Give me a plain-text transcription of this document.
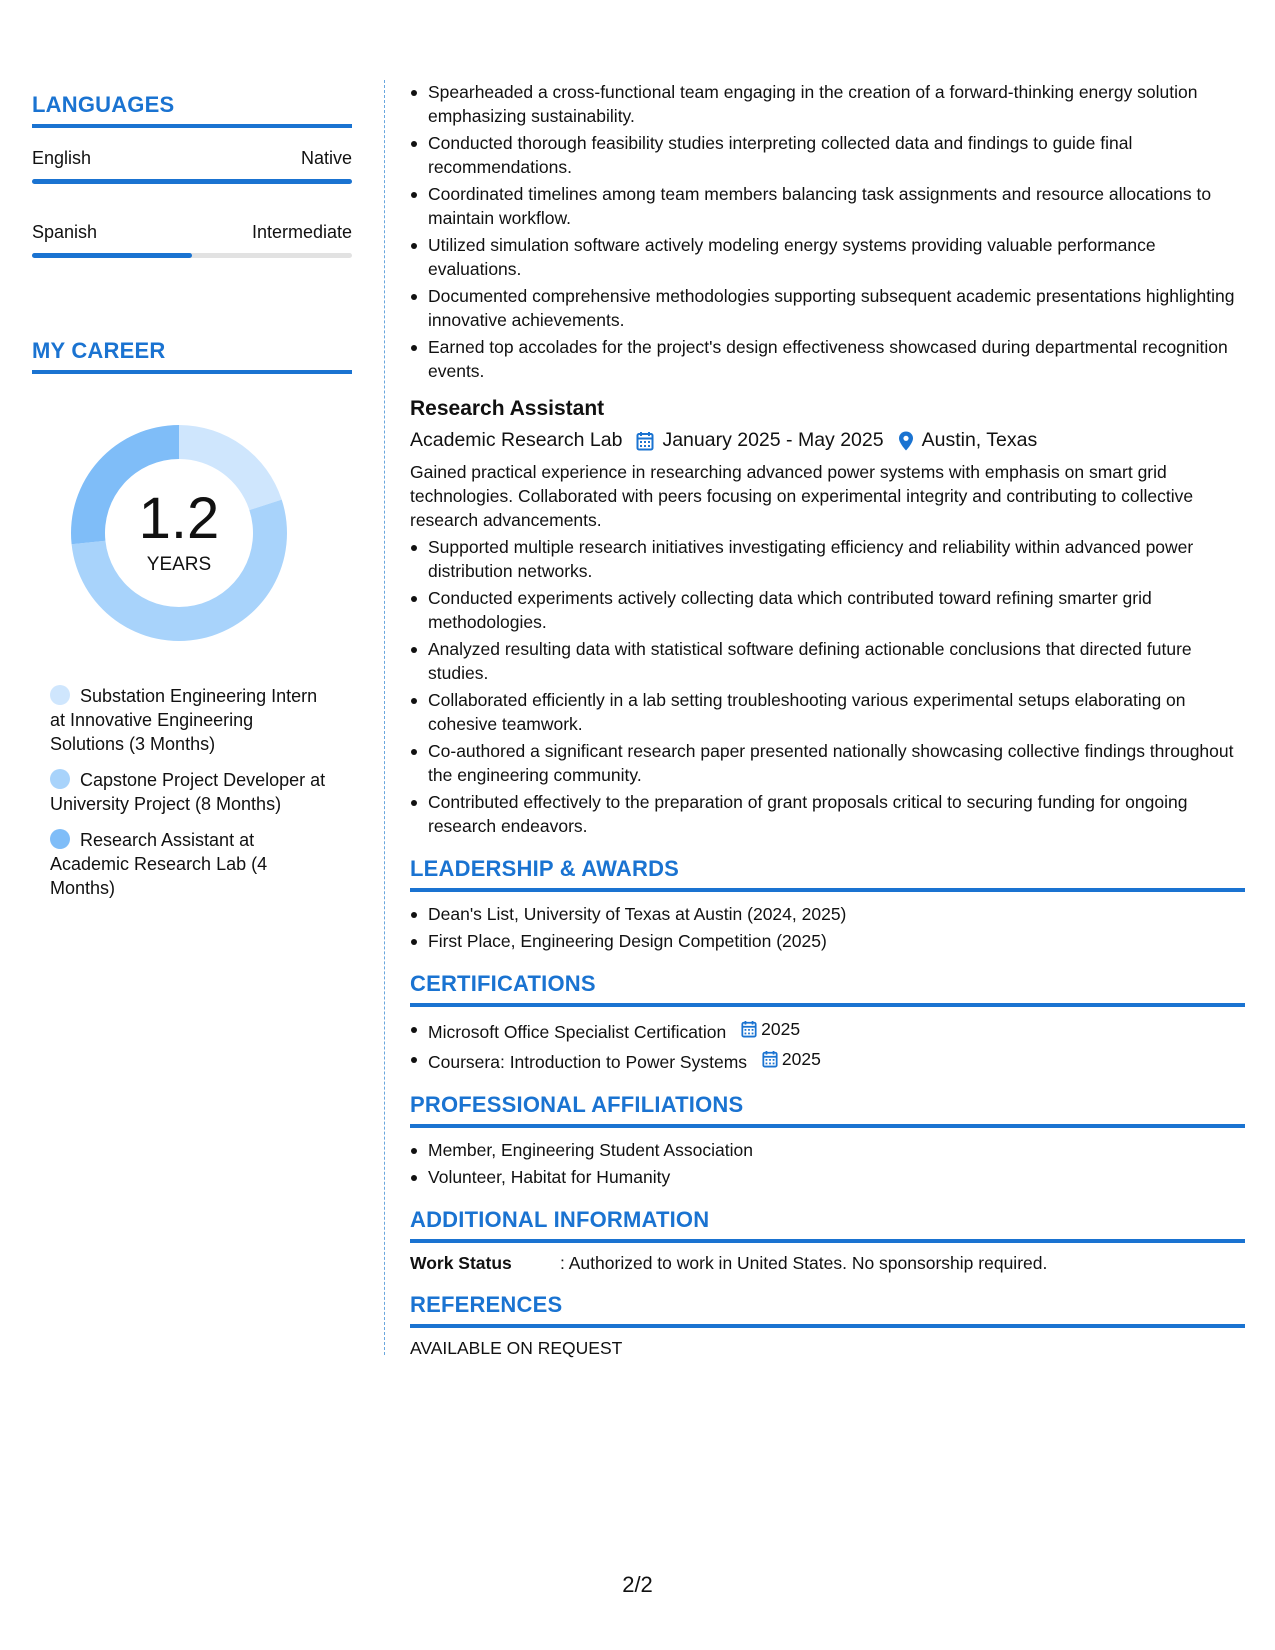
LANGUAGES
English	Native
Spanish	Intermediate
MY CAREER
1.2
YEARS
Substation Engineering Intern at Innovative Engineering Solutions (3 Months)
Capstone Project Developer at University Project (8 Months)
Research Assistant at Academic Research Lab (4 Months)
Spearheaded a cross-functional team engaging in the creation of a forward-thinking energy solution emphasizing sustainability.
Conducted thorough feasibility studies interpreting collected data and findings to guide final recommendations.
Coordinated timelines among team members balancing task assignments and resource allocations to maintain workflow.
Utilized simulation software actively modeling energy systems providing valuable performance evaluations.
Documented comprehensive methodologies supporting subsequent academic presentations highlighting innovative achievements.
Earned top accolades for the project's design effectiveness showcased during departmental recognition events.
Research Assistant
Academic Research Lab January 2025 - May 2025 Austin, Texas
Gained practical experience in researching advanced power systems with emphasis on smart grid technologies. Collaborated with peers focusing on experimental integrity and contributing to collective research advancements.
Supported multiple research initiatives investigating efficiency and reliability within advanced power distribution networks.
Conducted experiments actively collecting data which contributed toward refining smarter grid methodologies.
Analyzed resulting data with statistical software defining actionable conclusions that directed future studies.
Collaborated efficiently in a lab setting troubleshooting various experimental setups elaborating on cohesive teamwork.
Co-authored a significant research paper presented nationally showcasing collective findings throughout the engineering community.
Contributed effectively to the preparation of grant proposals critical to securing funding for ongoing research endeavors.
LEADERSHIP & AWARDS
Dean's List, University of Texas at Austin (2024, 2025)
First Place, Engineering Design Competition (2025)
CERTIFICATIONS
Microsoft Office Specialist Certification 2025
Coursera: Introduction to Power Systems 2025
PROFESSIONAL AFFILIATIONS
Member, Engineering Student Association
Volunteer, Habitat for Humanity
ADDITIONAL INFORMATION
Work Status	: Authorized to work in United States. No sponsorship required.
REFERENCES
AVAILABLE ON REQUEST
2/2
